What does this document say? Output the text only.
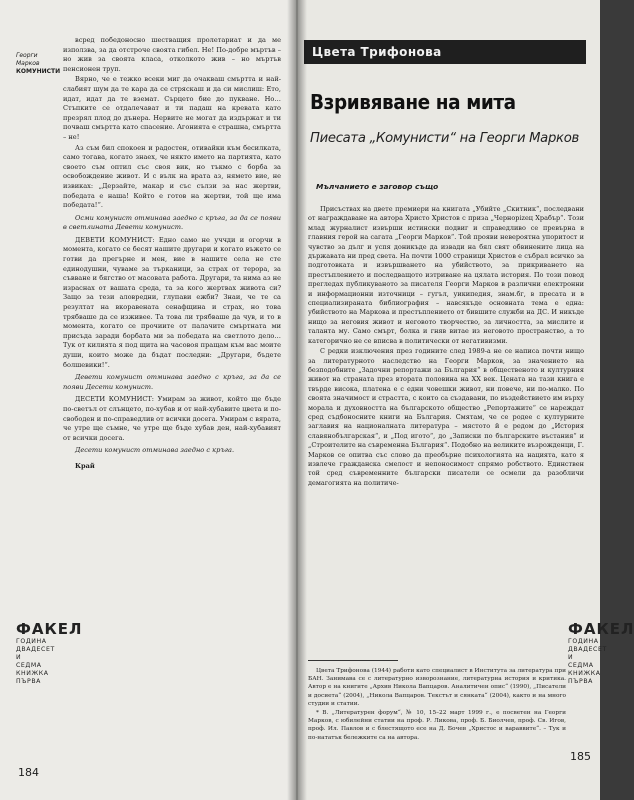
Георги Марков
КОМУНИСТИ

всред победоносно шестващия пролетариат и да ме използва, за да отстроче своята гибел. Не! По-добре мъртъв – но жив за своята класа, отколкото жив – но мъртъв пенсионен труп.

Вярно, че е тежко всеки миг да очакваш смъртта и най-слабият шум да те кара да се стряскаш и да си мислиш: Ето, идат, идат да те вземат. Сърцето бие до пукване. Но… Стъпките се отдалечават и ти падаш на кревата като презрял плод до дънера. Нервите не могат да издържат и ти почваш смъртта като спасение. Агонията е страшна, смъртта – не!

Аз съм бил спокоен и радостен, отивайки към бесилката, само тогава, когато знаех, че някто името на партията, като своето съм оптил със своя вик, но тъкмо с борба за освобождение живот. И с вълк на врата аз, нямето вие, не извиках: „Дерзайте, макар и със сълзи за нас жертви, победата е наша! Който е готов на жертви, той ще има победата!“.

Осми комунист отминава заедно с кръга, за да се появи в светлината Девети комунист.

ДЕВЕТИ КОМУНИСТ: Едно само не уччди и огорчи в момента, когато се бесят нашите другари и когато въжето се готви да прегърне и мен, вие в нашите села не сте единодушни, чуваме за търканици, за страх от терора, за съвване и бягство от масовата работа. Другари, та нима аз не израснах от вашата среда, та за кого жертвах живота си? Защо за тези аловредни, глупави ежби? Знаи, че те са резултат на вкоравената сенафщина и страх, но това трябваше да се изживее. Та това ли трябваше да чув, и то в момента, когато се прочиите от палачите смъртната ми присъда заради борбата ми за победата на светлото дело… Тук от килията я под щита на часовоя пращам към вас моите души, които може да бъдат последни: „Другари, бъдете болшевики!“.

Девети комунист отминава заедно с кръга, за да се появи Десети комунист.

ДЕСЕТИ КОМУНИСТ: Умирам за живот, който ще бъде по-светъл от слънцето, по-хубав и от най-хубавите цвета и по-свободен и по-справедлив от всички досега. Умирам с вярата, че утре ще съмне, че утре ще бъде хубав ден, най-хубавият от всички досега.

Десети комунист отминава заедно с кръга.

Край

ФАКЕЛ
ГОДИНА
ДВАДЕСЕТ
И
СЕДМА
КНИЖКА
ПЪРВА
184
Цвета Трифонова
Взривяване на мита
Пиесата „Комунисти“ на Георги Марков
Мълчанието е заговор също

Присъствах на двете премиери на книгата „Убийте „Скитник“, последвани от награждаване на автора Христо Христов с приза „Чернорizец Храбър“. Този млад журналист извърши истински подвиг и справедливо се превърна в главния герой на сагата „Георги Марков“. Той прояви невероятна упоритост и чувство за дълг и успя доникъде да извади на бял свят обвинените лица на държавата ни пред света. На почти 1000 страници Христов е събрал всичко за подготовката и извършването на убийството, за прикриването на престъплението и последващото изтриване на цялата история. По този повод прегледах публикуваното за писателя Георги Марков в различни електронни и информационни източници – гугъл, уикипедия, знам.бг, в пресата и в специализираната библиография – навсякъде основната тема е една: убийството на Маркова и престъплението от бившите служби на ДС. И никъде нищо за неговия живот и неговото творчество, за личността, за мислите и таланта му. Само смърт, болка и гняв витае из неговото пространство, а то категорично не се вписва в политически от негативизми.

С редки изключения през годините след 1989-а не се написа почти нищо за литературното наследство на Георги Марков, за значението на безподобните „Задочни репортажи за България“ в общественото и културния живот на страната през втората половина на XX век. Цената на тази книга е твърде висока, платена е с едни човешки живот, ни повече, ни по-малко. По своята значимост и страстта, с които са създавани, по въздействието им върху морала и духовността на българското общество „Репортажите“ се нареждат сред съдбоносните книги на България. Смятам, че се родее с културните заглавия на националната литература – мястото й е редом до „История славянобългарская“, и „Под игото“, до „Записки по българските въстания“ и „Строителите на съвременна България“. Подобно на великите възрожденци, Г. Марков се опитва със слово да преобърне психологията на нацията, като я извлече гражданска смелост и непоносимост спрямо робството. Единствен той сред съвременните български писатели се осмели да разобличи демагогията на политиче-

Цвета Трифонова (1944) работи като специалист в Института за литература при БАН. Занимава се с литературно изворознание, литературна история и критика. Автор е на книгите „Архив Никола Вапцаров. Аналитичен опис“ (1990), „Писатели и досиета“ (2004), „Никола Вапцаров. Текстът и сянката“ (2004), както и на много студии и статии.

* В. „Литературен форум“, № 10, 15–22 март 1999 г., е посветен на Георги Марков, с юбилейни статии на проф. Р. Ликова, проф. Б. Биолчев, проф. Св. Игов, проф. Ил. Павлов и с блестящото есе на Д. Бочев „Христос и вараввите“. – Тук и по-нататък бележките са на автора.

ФАКЕЛ
ГОДИНА
ДВАДЕСЕТ
И
СЕДМА
КНИЖКА
ПЪРВА
185
